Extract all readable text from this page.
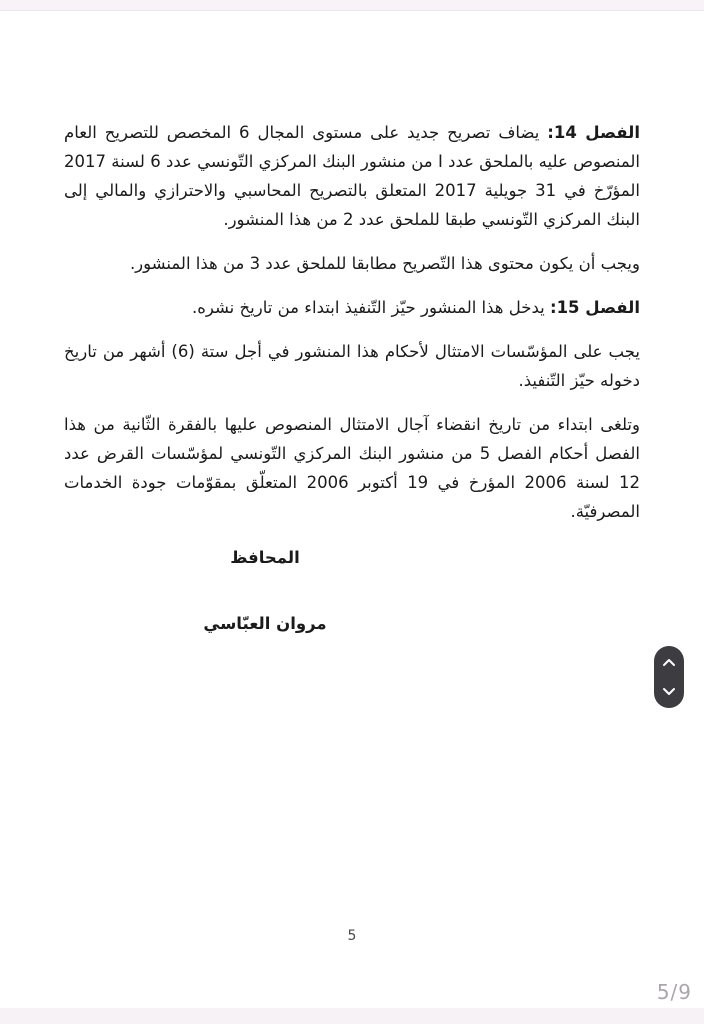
الفصل 14: يضاف تصريح جديد على مستوى المجال 6 المخصص للتصريح العام المنصوص عليه بالملحق عدد I من منشور البنك المركزي التّونسي عدد 6 لسنة 2017 المؤرّخ في 31 جويلية 2017 المتعلق بالتصريح المحاسبي والاحترازي والمالي إلى البنك المركزي التّونسي طبقا للملحق عدد 2 من هذا المنشور.

ويجب أن يكون محتوى هذا التّصريح مطابقا للملحق عدد 3 من هذا المنشور.

الفصل 15: يدخل هذا المنشور حيّز التّنفيذ ابتداء من تاريخ نشره.

يجب على المؤسّسات الامتثال لأحكام هذا المنشور في أجل ستة (6) أشهر من تاريخ دخوله حيّز التّنفيذ.

وتلغى ابتداء من تاريخ انقضاء آجال الامتثال المنصوص عليها بالفقرة الثّانية من هذا الفصل أحكام الفصل 5 من منشور البنك المركزي التّونسي لمؤسّسات القرض عدد 12 لسنة 2006 المؤرخ في 19 أكتوبر 2006 المتعلّق بمقوّمات جودة الخدمات المصرفيّة.

المحافظ
مروان العبّاسي
5
5/9
